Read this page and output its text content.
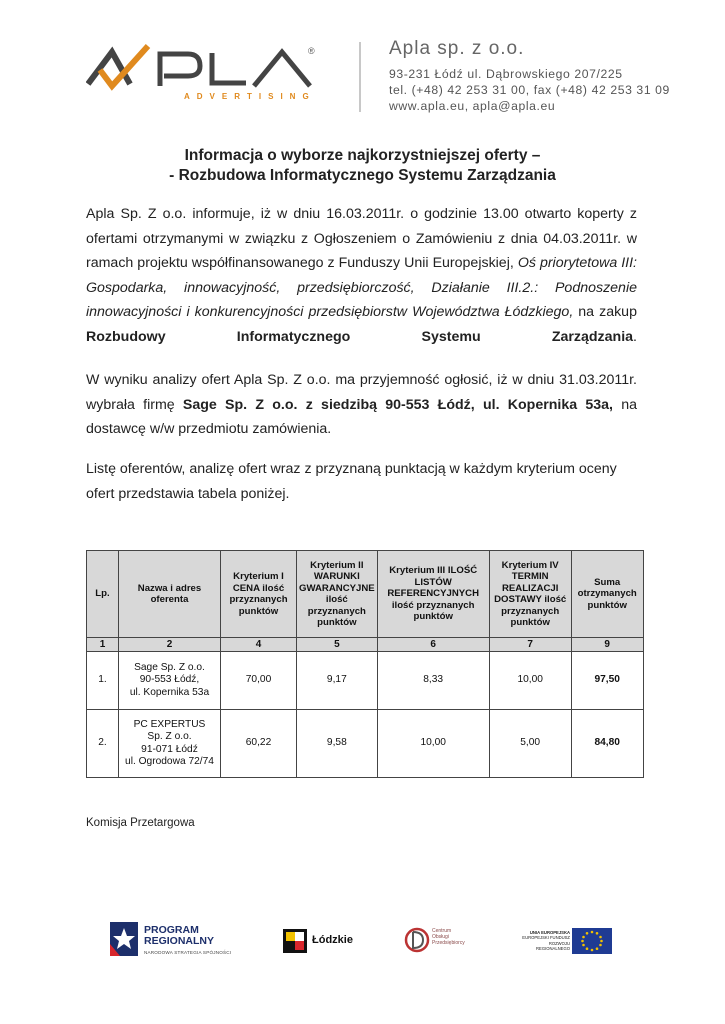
®
ADVERTISING
Apla sp. z o.o.
93-231 Łódź ul. Dąbrowskiego 207/225
tel. (+48) 42 253 31 00, fax (+48) 42 253 31 09
www.apla.eu, apla@apla.eu
Informacja o wyborze najkorzystniejszej oferty –
- Rozbudowa Informatycznego Systemu Zarządzania
Apla Sp. Z o.o. informuje, iż w dniu 16.03.2011r. o godzinie 13.00 otwarto koperty z ofertami otrzymanymi w związku z Ogłoszeniem o Zamówieniu z dnia 04.03.2011r. w ramach projektu współfinansowanego z Funduszy Unii Europejskiej, Oś priorytetowa III: Gospodarka, innowacyjność, przedsiębiorczość, Działanie III.2.: Podnoszenie innowacyjności i konkurencyjności przedsiębiorstw Województwa Łódzkiego, na zakup Rozbudowy Informatycznego Systemu Zarządzania.
W wyniku analizy ofert Apla Sp. Z o.o. ma przyjemność ogłosić, iż w dniu 31.03.2011r. wybrała firmę Sage Sp. Z o.o. z siedzibą 90-553 Łódź, ul. Kopernika 53a, na dostawcę w/w przedmiotu zamówienia.
Listę oferentów, analizę ofert wraz z przyznaną punktacją w każdym kryterium oceny ofert przedstawia tabela poniżej.
Lp.	Nazwa i adres oferenta	Kryterium I CENA ilość przyznanych punktów	Kryterium II WARUNKI GWARANCYJNE ilość przyznanych punktów	Kryterium III ILOŚĆ LISTÓW REFERENCYJNYCH ilość przyznanych punktów	Kryterium IV TERMIN REALIZACJI DOSTAWY ilość przyznanych punktów	Suma otrzymanych punktów
1	2	4	5	6	7	9
1.	Sage Sp. Z o.o.
90-553 Łódź,
ul. Kopernika 53a	70,00	9,17	8,33	10,00	97,50
2.	PC EXPERTUS
Sp. Z o.o.
91-071 Łódź
ul. Ogrodowa 72/74	60,22	9,58	10,00	5,00	84,80
Komisja Przetargowa
PROGRAM
REGIONALNY
NARODOWA STRATEGIA SPÓJNOŚCI
Łódzkie
Centrum
Obsługi
Przedsiębiorcy
UNIA EUROPEJSKA
EUROPEJSKI FUNDUSZ
ROZWOJU REGIONALNEGO
